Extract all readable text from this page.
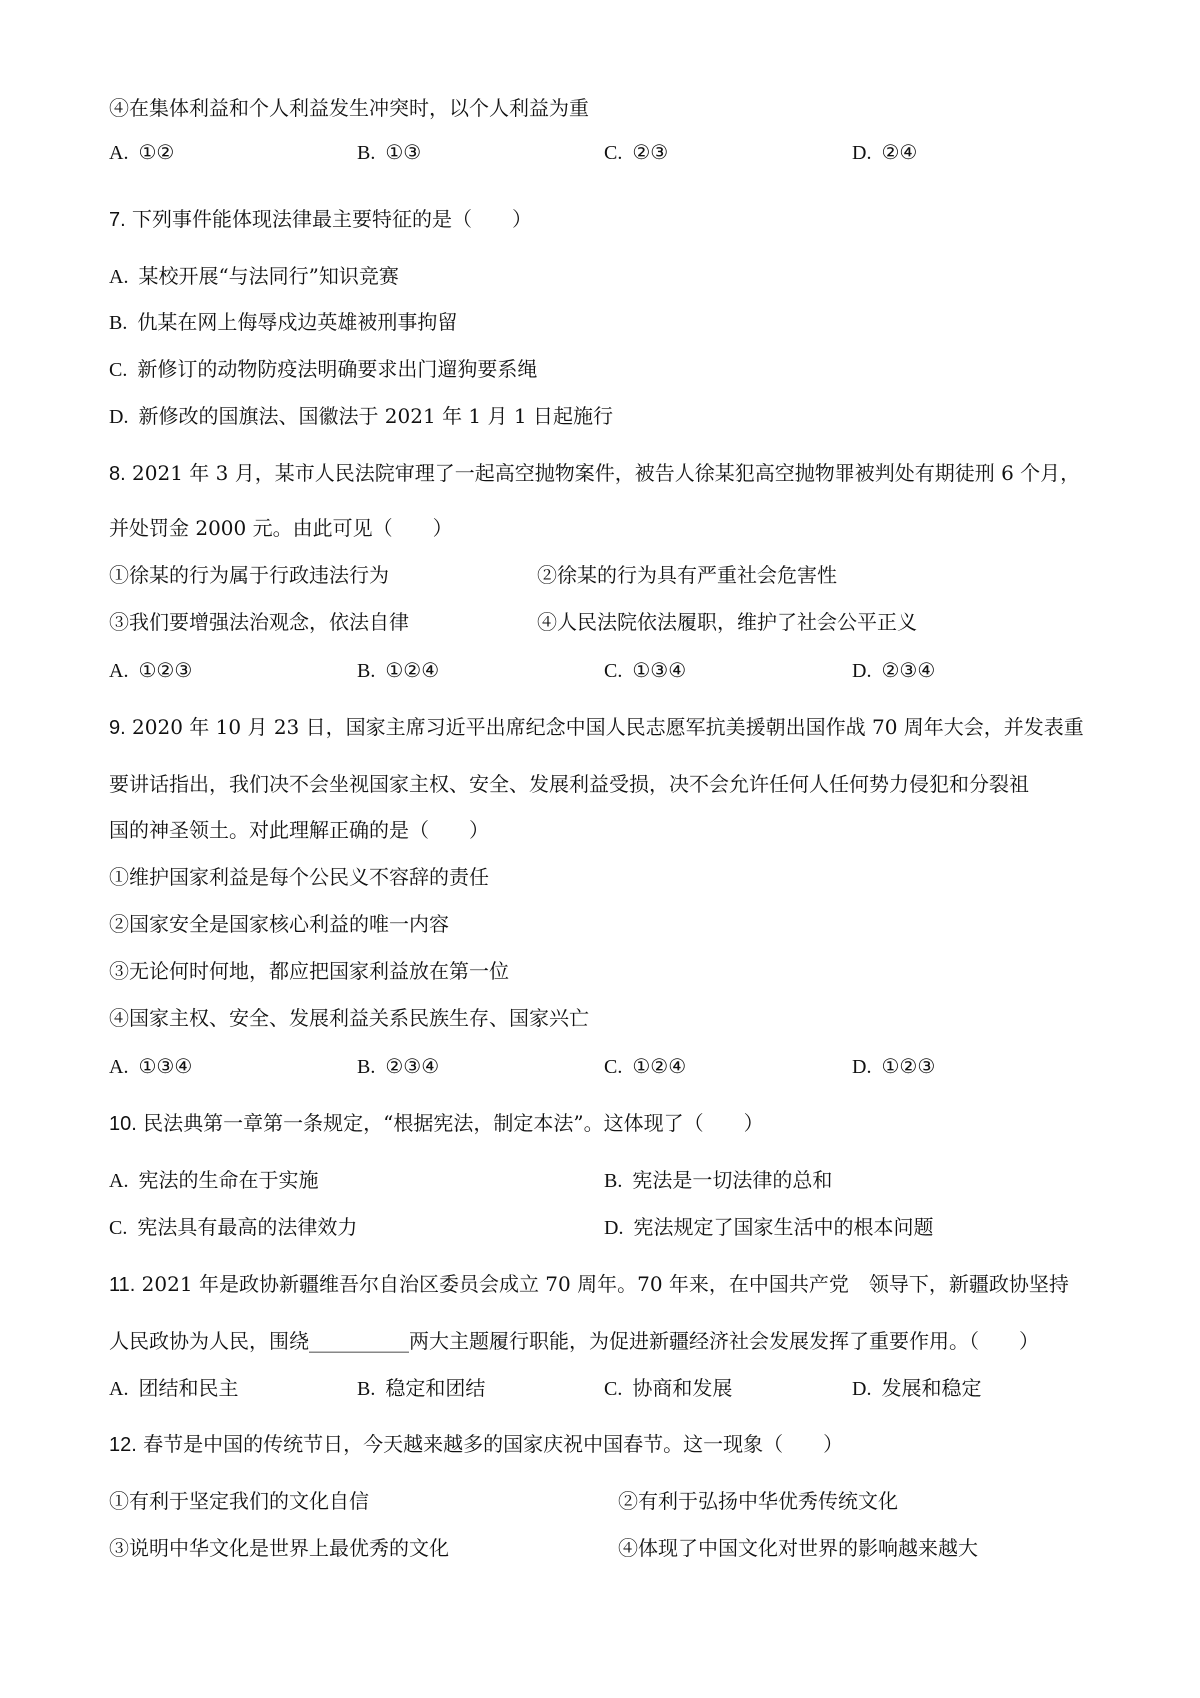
④在集体利益和个人利益发生冲突时，以个人利益为重
A. ①②	B. ①③	C. ②③	D. ②④
7. 下列事件能体现法律最主要特征的是（　　）
A. 某校开展“与法同行”知识竞赛
B. 仇某在网上侮辱戍边英雄被刑事拘留
C. 新修订的动物防疫法明确要求出门遛狗要系绳
D. 新修改的国旗法、国徽法于 2021 年 1 月 1 日起施行
8. 2021 年 3 月，某市人民法院审理了一起高空抛物案件，被告人徐某犯高空抛物罪被判处有期徒刑 6 个月，
并处罚金 2000 元。由此可见（　　）
①徐某的行为属于行政违法行为	②徐某的行为具有严重社会危害性
③我们要增强法治观念，依法自律	④人民法院依法履职，维护了社会公平正义
A. ①②③	B. ①②④	C. ①③④	D. ②③④
9. 2020 年 10 月 23 日，国家主席习近平出席纪念中国人民志愿军抗美援朝出国作战 70 周年大会，并发表重
要讲话指出，我们决不会坐视国家主权、安全、发展利益受损，决不会允许任何人任何势力侵犯和分裂祖
国的神圣领土。对此理解正确的是（　　）
①维护国家利益是每个公民义不容辞的责任
②国家安全是国家核心利益的唯一内容
③无论何时何地，都应把国家利益放在第一位
④国家主权、安全、发展利益关系民族生存、国家兴亡
A. ①③④	B. ②③④	C. ①②④	D. ①②③
10. 民法典第一章第一条规定，“根据宪法，制定本法”。这体现了（　　）
A. 宪法的生命在于实施	B. 宪法是一切法律的总和
C. 宪法具有最高的法律效力	D. 宪法规定了国家生活中的根本问题
11. 2021 年是政协新疆维吾尔自治区委员会成立 70 周年。70 年来，在中国共产党　领导下，新疆政协坚持
人民政协为人民，围绕__________两大主题履行职能，为促进新疆经济社会发展发挥了重要作用。（　　）
A. 团结和民主	B. 稳定和团结	C. 协商和发展	D. 发展和稳定
12. 春节是中国的传统节日，今天越来越多的国家庆祝中国春节。这一现象（　　）
①有利于坚定我们的文化自信	②有利于弘扬中华优秀传统文化
③说明中华文化是世界上最优秀的文化	④体现了中国文化对世界的影响越来越大
